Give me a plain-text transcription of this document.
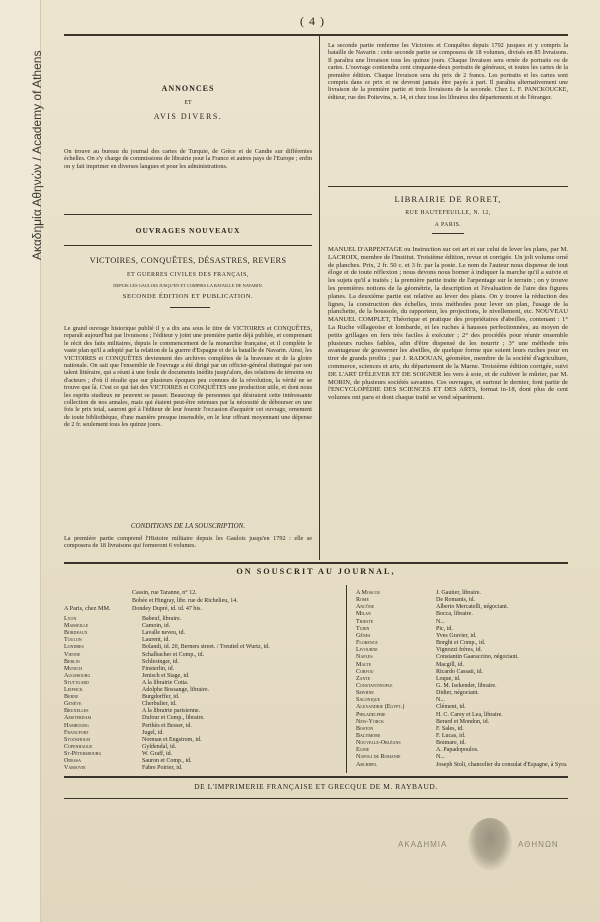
Ακαδημία Αθηνών / Academy of Athens
( 4 )
ANNONCES
ET
AVIS DIVERS.
On trouve au bureau du journal des cartes de Turquie, de Grèce et de Candie sur différentes échelles. On s'y charge de commissions de librairie pour la France et autres pays de l'Europe ; enfin on y fait imprimer en diverses langues et pour les administrations.
OUVRAGES NOUVEAUX
VICTOIRES, CONQUÊTES, DÉSASTRES, REVERS
ET GUERRES CIVILES DES FRANÇAIS,
DEPUIS LES GAULOIS JUSQU'EN ET COMPRIS LA BATAILLE DE NAVARIN.
SECONDE ÉDITION ET PUBLICATION.
Le grand ouvrage historique publié il y a dix ans sous le titre de VICTOIRES et CONQUÊTES, reparaît aujourd'hui par livraisons ; l'éditeur y joint une première partie déjà publiée, et comprenant le récit des faits militaires, depuis le commencement de la monarchie française, et il complète le vaste plan qu'il a adopté par la relation de la guerre d'Espagne et de la bataille de Navarin. Ainsi, les VICTOIRES et CONQUÊTES deviennent des archives complètes de la bravoure et de la gloire nationale. On sait que l'ensemble de l'ouvrage a été dirigé par un officier-général distingué par son talent littéraire, qui a réuni à une foule de documents inédits jusqu'alors, des relations de témoins ou d'acteurs ; d'où il résulte que sur plusieurs époques peu connues de la révolution, la vérité ne se trouve que là. C'est ce qui fait des VICTOIRES et CONQUÊTES une production utile, et dont nous les esprits studieux ne peuvent se passer. Beaucoup de personnes qui désiraient cette intéressante collection de nos annales, mais qui étaient peut-être retenues par la nécessité de débourser en une fois le prix total, sauront gré à l'éditeur de leur fournir l'occasion d'acquérir cet ouvrage, ornement de toute bibliothèque, d'une manière presque insensible, en le leur offrant moyennant une dépense de 2 fr. seulement tous les quinze jours.
CONDITIONS DE LA SOUSCRIPTION.
La première partie comprend l'Histoire militaire depuis les Gaulois jusqu'en 1792 : elle se composera de 18 livraisons qui formeront 6 volumes.
La seconde partie renferme les Victoires et Conquêtes depuis 1792 jusques et y compris la bataille de Navarin : cette seconde partie se composera de 18 volumes, divisés en 85 livraisons. Il paraîtra une livraison tous les quinze jours. Chaque livraison sera ornée de portraits ou de cartes. L'ouvrage contiendra cent cinquante-deux portraits de généraux, et toutes les cartes de la première édition. Chaque livraison sera du prix de 2 francs. Les portraits et les cartes sont compris dans ce prix et ne devront jamais être payés à part. Il paraîtra alternativement une livraison de la première partie et trois livraisons de la seconde. Chez L. F. PANCKOUCKE, éditeur, rue des Poitevins, n. 14, et chez tous les libraires des départements et de l'étranger.
LIBRAIRIE DE RORET,
RUE HAUTEFEUILLE, N. 12,
A PARIS.
MANUEL D'ARPENTAGE ou Instruction sur cet art et sur celui de lever les plans, par M. LACROIX, membre de l'Institut. Troisième édition, revue et corrigée. Un joli volume orné de planches. Prix, 2 fr. 50 c. et 3 fr. par la poste. Le nom de l'auteur nous dispense de tout éloge et de toute réflexion ; nous devons nous borner à indiquer la marche qu'il a suivie et les sujets qu'il a traités ; la première partie traite de l'arpentage sur le terrain ; on y trouve les premières notions de la géométrie, la description et l'évaluation de l'aire des figures planes. La deuxième partie est relative au lever des plans. On y trouve la réduction des lignes, la construction des échelles, trois méthodes pour lever un plan, l'usage de la planchette, de la boussole, du rapporteur, les projections, le nivellement, etc. NOUVEAU MANUEL COMPLET, Théorique et pratique des propriétaires d'abeilles, contenant : 1° La Ruche villageoise et lombarde, et les ruches à hausses perfectionnées, au moyen de petits grillages en fers très faciles à exécuter ; 2° des procédés pour réunir ensemble plusieurs ruches faibles, afin d'être dispensé de les nourrir ; 3° une méthode très avantageuse de gouverner les abeilles, de quelque forme que soient leurs ruches pour en tirer de grands profits ; par J. RADOUAN, géomètre, membre de la société d'agriculture, commerce, sciences et arts, du département de la Marne. Troisième édition corrigée, suivi DE L'ART D'ÉLEVER ET DE SOIGNER les vers à soie, et de cultiver le mûrier, par M. MORIN, de plusieurs sociétés savantes. Ces ouvrages, et surtout le dernier, font partie de l'ENCYCLOPÉDIE DES SCIENCES ET DES ARTS, format in-18, dont plus de cent volumes ont paru et dont chaque traité se vend séparément.
ON SOUSCRIT AU JOURNAL,
A Paris, chez MM.
Cassin, rue Taranne, n° 12.
Bobée et Hingray, libr. rue de Richelieu, 14.
Dondey Dupré, id. id. 47 bis.
Lyon	Babeuf, libraire.
Marseille	Camoin, id.
Bordeaux	Lavalle neveu, id.
Toulon	Laurent, id.
Londres	Bolandi, id. 20, Berners street. / Treuttel et Wurtz, id.
Vienne	Schalbacher et Comp., id.
Berlin	Schlesinger, id.
Munich	Finsterlin, id.
Augsbourg	Jenisch et Stage, id.
Stuttgard	A la librairie Cotta.
Leipsick	Adolphe Bossange, libraire.
Berne	Burgdorffer, id.
Genève	Cherbulier, id.
Bruxelles	A la librairie parisienne.
Amsterdam	Dufour et Comp., libraire.
Hambourg	Perthès et Besser, id.
Francfort	Jugel, id.
Stockholm	Norman et Engstrom, id.
Copenhague	Gyldendal, id.
St-Pétersbourg	W. Graff, id.
Odessa	Sauron et Comp., id.
Varsovie	Fabre Poirier, id.
A Moscou	J. Gautier, libraire.
Rome	De Romanis, id.
Ancône	Alberto Mercatelli, négociant.
Milan	Bocca, libraire.
Trieste	N...
Turin	Pic, id.
Gênes	Yves Gravier, id.
Florence	Borghi et Comp., id.
Livourne	Vignozzi frères, id.
Naples	Constantin Gaaraccino, négociant.
Malte	Macgill, id.
Corfou	Ricardo Cassati, id.
Zante	Loque, id.
Constantinople	G. M. Isekender, libraire.
Smyrne	Didier, négociant.
Salonique	N...
Alexandrie (Egypt.)	Clément, id.
Philadelphie	H. C. Carey et Lea, libraire.
New-Yorck	Berard et Mondon, id.
Boston	F. Sales, id.
Baltimore	F. Lucas, id.
Nouvelle-Orléans	Boimare, id.
Egine	A. Papadopoulos.
Napoli de Romanie	N...
Archipel	Joseph Stoli, chancelier du consulat d'Espagne, à Syra.
DE L'IMPRIMERIE FRANÇAISE ET GRECQUE DE M. RAYBAUD.
ΑΚΑΔΗΜΙΑ	ΑΘΗΝΩΝ
